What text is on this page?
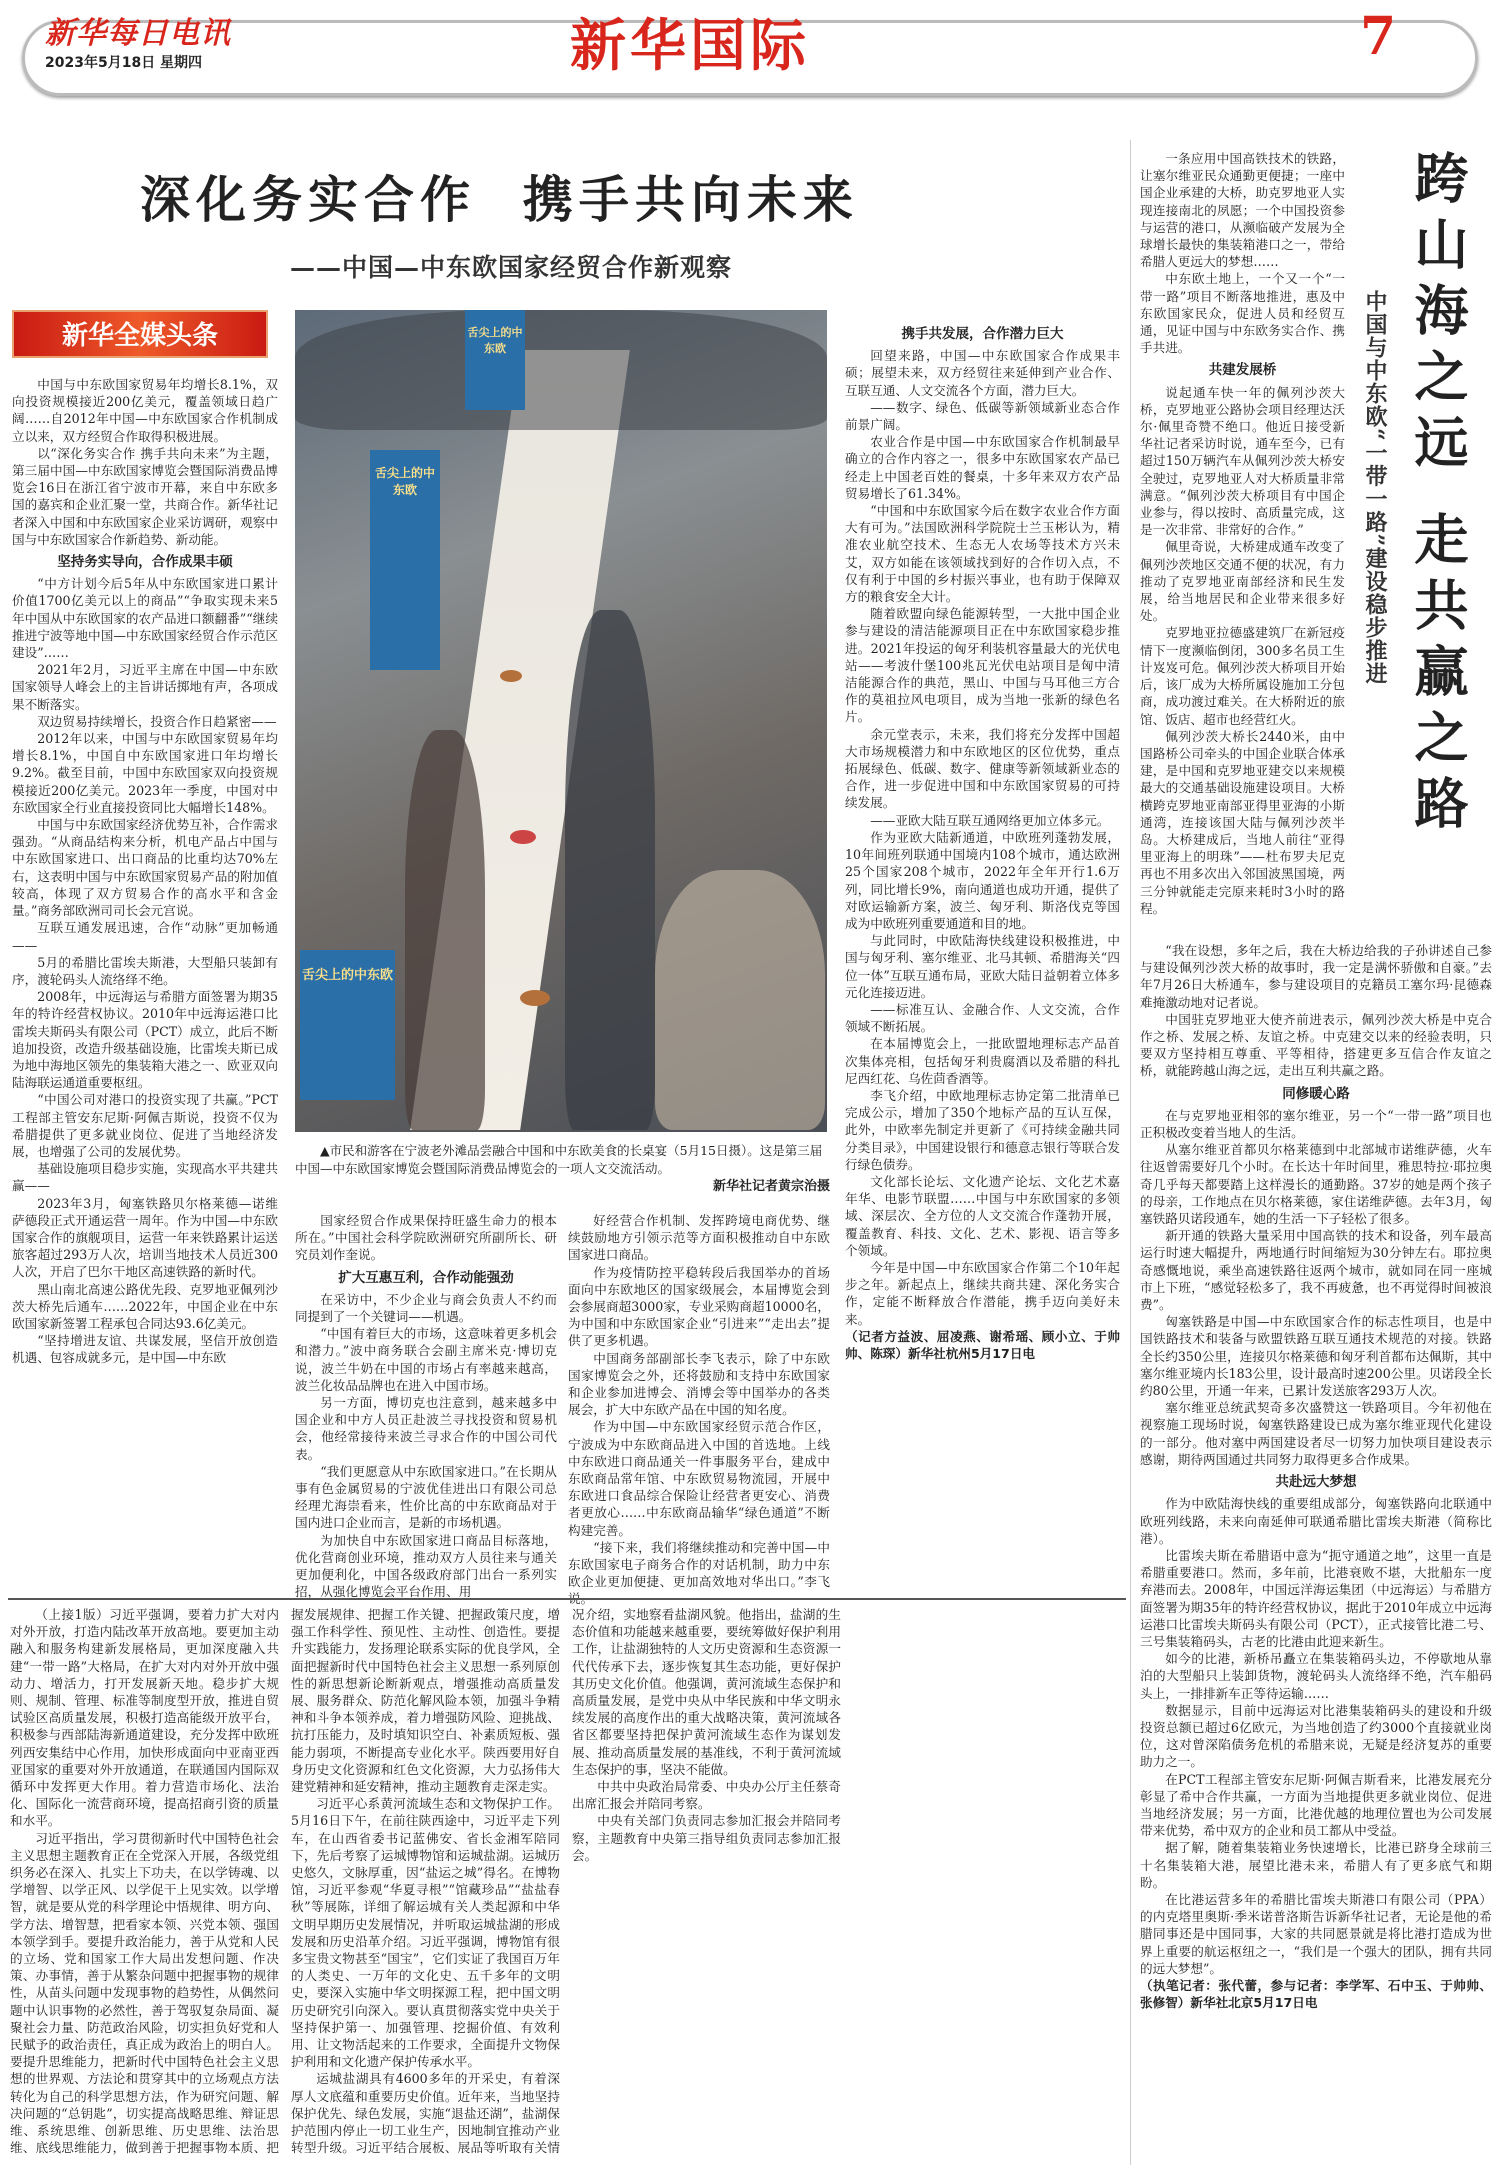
新华每日电讯
2023年5月18日 星期四	新华国际	7
深化务实合作  携手共向未来
——中国—中东欧国家经贸合作新观察
新华全媒头条	舌尖上的中东欧
舌尖上的中东欧
舌尖上的中东欧

▲市民和游客在宁波老外滩品尝融合中国和中东欧美食的长桌宴（5月15日摄）。这是第三届中国—中东欧国家博览会暨国际消费品博览会的一项人文交流活动。

新华社记者黄宗治摄

中国与中东欧国家贸易年均增长8.1%，双向投资规模接近200亿美元，覆盖领域日趋广阔……自2012年中国—中东欧国家合作机制成立以来，双方经贸合作取得积极进展。

以“深化务实合作 携手共向未来”为主题，第三届中国—中东欧国家博览会暨国际消费品博览会16日在浙江省宁波市开幕，来自中东欧多国的嘉宾和企业汇聚一堂，共商合作。新华社记者深入中国和中东欧国家企业采访调研，观察中国与中东欧国家合作新趋势、新动能。

坚持务实导向，合作成果丰硕

“中方计划今后5年从中东欧国家进口累计价值1700亿美元以上的商品”“争取实现未来5年中国从中东欧国家的农产品进口额翻番”“继续推进宁波等地中国—中东欧国家经贸合作示范区建设”……

2021年2月，习近平主席在中国—中东欧国家领导人峰会上的主旨讲话掷地有声，各项成果不断落实。

双边贸易持续增长，投资合作日趋紧密——

2012年以来，中国与中东欧国家贸易年均增长8.1%，中国自中东欧国家进口年均增长9.2%。截至目前，中国中东欧国家双向投资规模接近200亿美元。2023年一季度，中国对中东欧国家全行业直接投资同比大幅增长148%。

中国与中东欧国家经济优势互补，合作需求强劲。“从商品结构来分析，机电产品占中国与中东欧国家进口、出口商品的比重均达70%左右，这表明中国与中东欧国家贸易产品的附加值较高，体现了双方贸易合作的高水平和含金量。”商务部欧洲司司长会元宫说。

互联互通发展迅速，合作“动脉”更加畅通——

5月的希腊比雷埃夫斯港，大型船只装卸有序，渡轮码头人流络绎不绝。

2008年，中远海运与希腊方面签署为期35年的特许经营权协议。2010年中远海运港口比雷埃夫斯码头有限公司（PCT）成立，此后不断追加投资，改造升级基础设施，比雷埃夫斯已成为地中海地区领先的集装箱大港之一、欧亚双向陆海联运通道重要枢纽。

“中国公司对港口的投资实现了共赢。”PCT工程部主管安东尼斯·阿佩吉斯说，投资不仅为希腊提供了更多就业岗位、促进了当地经济发展，也增强了公司的发展优势。

基础设施项目稳步实施，实现高水平共建共赢——

2023年3月，匈塞铁路贝尔格莱德—诺维萨德段正式开通运营一周年。作为中国—中东欧国家合作的旗舰项目，运营一年来铁路累计运送旅客超过293万人次，培训当地技术人员近300人次，开启了巴尔干地区高速铁路的新时代。

黑山南北高速公路优先段、克罗地亚佩列沙茨大桥先后通车……2022年，中国企业在中东欧国家新签署工程承包合同达93.6亿美元。

“坚持增进友谊、共谋发展，坚信开放创造机遇、包容成就多元，是中国—中东欧

国家经贸合作成果保持旺盛生命力的根本所在。”中国社会科学院欧洲研究所副所长、研究员刘作奎说。

扩大互惠互利，合作动能强劲

在采访中，不少企业与商会负责人不约而同提到了一个关键词——机遇。

“中国有着巨大的市场，这意味着更多机会和潜力。”波中商务联合会副主席米克·博切克说，波兰牛奶在中国的市场占有率越来越高，波兰化妆品品牌也在进入中国市场。

另一方面，博切克也注意到，越来越多中国企业和中方人员正赴波兰寻找投资和贸易机会，他经常接待来波兰寻求合作的中国公司代表。

“我们更愿意从中东欧国家进口。”在长期从事有色金属贸易的宁波优佳进出口有限公司总经理尤海崇看来，性价比高的中东欧商品对于国内进口企业而言，是新的市场机遇。

为加快自中东欧国家进口商品目标落地，优化营商创业环境，推动双方人员往来与通关更加便利化，中国各级政府部门出台一系列实招，从强化博览会平台作用、用

好经营合作机制、发挥跨境电商优势、继续鼓励地方引领示范等方面积极推动自中东欧国家进口商品。

作为疫情防控平稳转段后我国举办的首场面向中东欧地区的国家级展会，本届博览会到会参展商超3000家，专业采购商超10000名，为中国和中东欧国家企业“引进来”“走出去”提供了更多机遇。

中国商务部副部长李飞表示，除了中东欧国家博览会之外，还将鼓励和支持中东欧国家和企业参加进博会、消博会等中国举办的各类展会，扩大中东欧产品在中国的知名度。

作为中国—中东欧国家经贸示范合作区，宁波成为中东欧商品进入中国的首选地。上线中东欧进口商品通关一件事服务平台，建成中东欧商品常年馆、中东欧贸易物流园，开展中东欧进口食品综合保险让经营者更安心、消费者更放心……中东欧商品输华“绿色通道”不断构建完善。

“接下来，我们将继续推动和完善中国—中东欧国家电子商务合作的对话机制，助力中东欧企业更加便捷、更加高效地对华出口。”李飞说。

携手共发展，合作潜力巨大

回望来路，中国—中东欧国家合作成果丰硕；展望未来，双方经贸往来延伸到产业合作、互联互通、人文交流各个方面，潜力巨大。

——数字、绿色、低碳等新领域新业态合作前景广阔。

农业合作是中国—中东欧国家合作机制最早确立的合作内容之一，很多中东欧国家农产品已经走上中国老百姓的餐桌，十多年来双方农产品贸易增长了61.34%。

“中国和中东欧国家今后在数字农业合作方面大有可为。”法国欧洲科学院院士兰玉彬认为，精准农业航空技术、生态无人农场等技术方兴未艾，双方如能在该领域找到好的合作切入点，不仅有利于中国的乡村振兴事业，也有助于保障双方的粮食安全大计。

随着欧盟向绿色能源转型，一大批中国企业参与建设的清洁能源项目正在中东欧国家稳步推进。2021年投运的匈牙利装机容量最大的光伏电站——考波什堡100兆瓦光伏电站项目是匈中清洁能源合作的典范，黑山、中国与马耳他三方合作的莫祖拉风电项目，成为当地一张新的绿色名片。

余元堂表示，未来，我们将充分发挥中国超大市场规模潜力和中东欧地区的区位优势，重点拓展绿色、低碳、数字、健康等新领域新业态的合作，进一步促进中国和中东欧国家贸易的可持续发展。

——亚欧大陆互联互通网络更加立体多元。

作为亚欧大陆新通道，中欧班列蓬勃发展，10年间班列联通中国境内108个城市，通达欧洲25个国家208个城市，2022年全年开行1.6万列，同比增长9%，南向通道也成功开通，提供了对欧运输新方案，波兰、匈牙利、斯洛伐克等国成为中欧班列重要通道和目的地。

与此同时，中欧陆海快线建设积极推进，中国与匈牙利、塞尔维亚、北马其顿、希腊海关“四位一体”互联互通布局，亚欧大陆日益朝着立体多元化连接迈进。

——标准互认、金融合作、人文交流，合作领域不断拓展。

在本届博览会上，一批欧盟地理标志产品首次集体亮相，包括匈牙利贵腐酒以及希腊的科扎尼西红花、乌佐茴香酒等。

李飞介绍，中欧地理标志协定第二批清单已完成公示，增加了350个地标产品的互认互保，此外，中欧率先制定并更新了《可持续金融共同分类目录》，中国建设银行和德意志银行等联合发行绿色债券。

文化部长论坛、文化遗产论坛、文化艺术嘉年华、电影节联盟……中国与中东欧国家的多领域、深层次、全方位的人文交流合作蓬勃开展，覆盖教育、科技、文化、艺术、影视、语言等多个领域。

今年是中国—中东欧国家合作第二个10年起步之年。新起点上，继续共商共建、深化务实合作，定能不断释放合作潜能，携手迈向美好未来。

（记者方益波、屈凌燕、谢希瑶、顾小立、于帅帅、陈琛）新华社杭州5月17日电

一条应用中国高铁技术的铁路，让塞尔维亚民众通勤更便捷；一座中国企业承建的大桥，助克罗地亚人实现连接南北的夙愿；一个中国投资参与运营的港口，从濒临破产发展为全球增长最快的集装箱港口之一，带给希腊人更远大的梦想……

中东欧土地上，一个又一个“一带一路”项目不断落地推进，惠及中东欧国家民众，促进人员和经贸互通，见证中国与中东欧务实合作、携手共进。

共建发展桥

说起通车快一年的佩列沙茨大桥，克罗地亚公路协会项目经理达沃尔·佩里奇赞不绝口。他近日接受新华社记者采访时说，通车至今，已有超过150万辆汽车从佩列沙茨大桥安全驶过，克罗地亚人对大桥质量非常满意。“佩列沙茨大桥项目有中国企业参与，得以按时、高质量完成，这是一次非常、非常好的合作。”

佩里奇说，大桥建成通车改变了佩列沙茨地区交通不便的状况，有力推动了克罗地亚南部经济和民生发展，给当地居民和企业带来很多好处。

克罗地亚拉德盛建筑厂在新冠疫情下一度濒临倒闭，300多名员工生计岌岌可危。佩列沙茨大桥项目开始后，该厂成为大桥所属设施加工分包商，成功渡过难关。在大桥附近的旅馆、饭店、超市也经营红火。

佩列沙茨大桥长2440米，由中国路桥公司牵头的中国企业联合体承建，是中国和克罗地亚建交以来规模最大的交通基础设施建设项目。大桥横跨克罗地亚南部亚得里亚海的小斯通湾，连接该国大陆与佩列沙茨半岛。大桥建成后，当地人前往“亚得里亚海上的明珠”——杜布罗夫尼克再也不用多次出入邻国波黑国境，两三分钟就能走完原来耗时3小时的路程。

跨山海之远 走共赢之路
中国与中东欧“一带一路”建设稳步推进

“我在设想，多年之后，我在大桥边给我的子孙讲述自己参与建设佩列沙茨大桥的故事时，我一定是满怀骄傲和自豪。”去年7月26日大桥通车，参与建设项目的克籍员工塞尔玛·昆德森难掩激动地对记者说。

中国驻克罗地亚大使齐前进表示，佩列沙茨大桥是中克合作之桥、发展之桥、友谊之桥。中克建交以来的经验表明，只要双方坚持相互尊重、平等相待，搭建更多互信合作友谊之桥，就能跨越山海之远，走出互利共赢之路。

同修暖心路

在与克罗地亚相邻的塞尔维亚，另一个“一带一路”项目也正积极改变着当地人的生活。

从塞尔维亚首都贝尔格莱德到中北部城市诺维萨德，火车往返曾需要好几个小时。在长达十年时间里，雅思特拉·耶拉奥奇几乎每天都要踏上这样漫长的通勤路。37岁的她是两个孩子的母亲，工作地点在贝尔格莱德，家住诺维萨德。去年3月，匈塞铁路贝诺段通车，她的生活一下子轻松了很多。

新开通的铁路大量采用中国高铁的技术和设备，列车最高运行时速大幅提升，两地通行时间缩短为30分钟左右。耶拉奥奇感慨地说，乘坐高速铁路往返两个城市，就如同在同一座城市上下班，“感觉轻松多了，我不再疲惫，也不再觉得时间被浪费”。

匈塞铁路是中国—中东欧国家合作的标志性项目，也是中国铁路技术和装备与欧盟铁路互联互通技术规范的对接。铁路全长约350公里，连接贝尔格莱德和匈牙利首都布达佩斯，其中塞尔维亚境内长183公里，设计最高时速200公里。贝诺段全长约80公里，开通一年来，已累计发送旅客293万人次。

塞尔维亚总统武契奇多次盛赞这一铁路项目。今年初他在视察施工现场时说，匈塞铁路建设已成为塞尔维亚现代化建设的一部分。他对塞中两国建设者尽一切努力加快项目建设表示感谢，期待两国通过共同努力取得更多合作成果。

共赴远大梦想

作为中欧陆海快线的重要组成部分，匈塞铁路向北联通中欧班列线路，未来向南延伸可联通希腊比雷埃夫斯港（简称比港）。

比雷埃夫斯在希腊语中意为“扼守通道之地”，这里一直是希腊重要港口。然而，多年前，比港衰败不堪，大批船东一度弃港而去。2008年，中国远洋海运集团（中远海运）与希腊方面签署为期35年的特许经营权协议，据此于2010年成立中远海运港口比雷埃夫斯码头有限公司（PCT），正式接管比港二号、三号集装箱码头，古老的比港由此迎来新生。

如今的比港，新桥吊矗立在集装箱码头边，不停歇地从靠泊的大型船只上装卸货物，渡轮码头人流络绎不绝，汽车船码头上，一排排新车正等待运输……

数据显示，目前中远海运对比港集装箱码头的建设和升级投资总额已超过6亿欧元，为当地创造了约3000个直接就业岗位，这对曾深陷债务危机的希腊来说，无疑是经济复苏的重要助力之一。

在PCT工程部主管安东尼斯·阿佩吉斯看来，比港发展充分彰显了希中合作共赢，一方面为当地提供更多就业岗位、促进当地经济发展；另一方面，比港优越的地理位置也为公司发展带来优势，希中双方的企业和员工都从中受益。

据了解，随着集装箱业务快速增长，比港已跻身全球前三十名集装箱大港，展望比港未来，希腊人有了更多底气和期盼。

在比港运营多年的希腊比雷埃夫斯港口有限公司（PPA）的内克塔里奥斯·季米诺普洛斯告诉新华社记者，无论是他的希腊同事还是中国同事，大家的共同愿景就是将比港打造成为世界上重要的航运枢纽之一，“我们是一个强大的团队，拥有共同的远大梦想”。

（执笔记者：张代蕾，参与记者：李学军、石中玉、于帅帅、张修智）新华社北京5月17日电

（上接1版）习近平强调，要着力扩大对内对外开放，打造内陆改革开放高地。要更加主动融入和服务构建新发展格局，更加深度融入共建“一带一路”大格局，在扩大对内对外开放中强动力、增活力，打开发展新天地。稳步扩大规则、规制、管理、标准等制度型开放，推进自贸试验区高质量发展，积极打造高能级开放平台，积极参与西部陆海新通道建设，充分发挥中欧班列西安集结中心作用，加快形成面向中亚南亚西亚国家的重要对外开放通道，在联通国内国际双循环中发挥更大作用。着力营造市场化、法治化、国际化一流营商环境，提高招商引资的质量和水平。

习近平指出，学习贯彻新时代中国特色社会主义思想主题教育正在全党深入开展，各级党组织务必在深入、扎实上下功夫，在以学铸魂、以学增智、以学正风、以学促干上见实效。以学增智，就是要从党的科学理论中悟规律、明方向、学方法、增智慧，把看家本领、兴党本领、强国本领学到手。要提升政治能力，善于从党和人民的立场、党和国家工作大局出发想问题、作决策、办事情，善于从繁杂问题中把握事物的规律性，从苗头问题中发现事物的趋势性，从偶然问题中认识事物的必然性，善于驾驭复杂局面、凝聚社会力量、防范政治风险，切实担负好党和人民赋予的政治责任，真正成为政治上的明白人。要提升思维能力，把新时代中国特色社会主义思想的世界观、方法论和贯穿其中的立场观点方法转化为自己的科学思想方法，作为研究问题、解决问题的“总钥匙”，切实提高战略思维、辩证思维、系统思维、创新思维、历史思维、法治思维、底线思维能力，做到善于把握事物本质、把握发展规律、把握工作关键、把握政策尺度，增强工作科学性、预见性、主动性、创造性。要提升实践能力，发扬理论联系实际的优良学风，全面把握新时代中国特色社会主义思想一系列原创性的新思想新论断新观点，增强推动高质量发展、服务群众、防范化解风险本领，加强斗争精神和斗争本领养成，着力增强防风险、迎挑战、抗打压能力，及时填知识空白、补素质短板、强能力弱项，不断提高专业化水平。陕西要用好自身历史文化资源和红色文化资源，大力弘扬伟大建党精神和延安精神，推动主题教育走深走实。

习近平心系黄河流域生态和文物保护工作。5月16日下午，在前往陕西途中，习近平走下列车，在山西省委书记蓝佛安、省长金湘军陪同下，先后考察了运城博物馆和运城盐湖。运城历史悠久，文脉厚重，因“盐运之城”得名。在博物馆，习近平参观“华夏寻根”“馆藏珍品”“盐盐春秋”等展陈，详细了解运城有关人类起源和中华文明早期历史发展情况，并听取运城盐湖的形成发展和历史沿革介绍。习近平强调，博物馆有很多宝贵文物甚至“国宝”，它们实证了我国百万年的人类史、一万年的文化史、五千多年的文明史，要深入实施中华文明探源工程，把中国文明历史研究引向深入。要认真贯彻落实党中央关于坚持保护第一、加强管理、挖掘价值、有效利用、让文物活起来的工作要求，全面提升文物保护利用和文化遗产保护传承水平。

运城盐湖具有4600多年的开采史，有着深厚人文底蕴和重要历史价值。近年来，当地坚持保护优先、绿色发展，实施“退盐还湖”，盐湖保护范围内停止一切工业生产，因地制宜推动产业转型升级。习近平结合展板、展品等听取有关情况介绍，实地察看盐湖风貌。他指出，盐湖的生态价值和功能越来越重要，要统筹做好保护利用工作，让盐湖独特的人文历史资源和生态资源一代代传承下去，逐步恢复其生态功能，更好保护其历史文化价值。他强调，黄河流域生态保护和高质量发展，是党中央从中华民族和中华文明永续发展的高度作出的重大战略决策，黄河流域各省区都要坚持把保护黄河流域生态作为谋划发展、推动高质量发展的基准线，不利于黄河流域生态保护的事，坚决不能做。

中共中央政治局常委、中央办公厅主任蔡奇出席汇报会并陪同考察。

中央有关部门负责同志参加汇报会并陪同考察，主题教育中央第三指导组负责同志参加汇报会。
